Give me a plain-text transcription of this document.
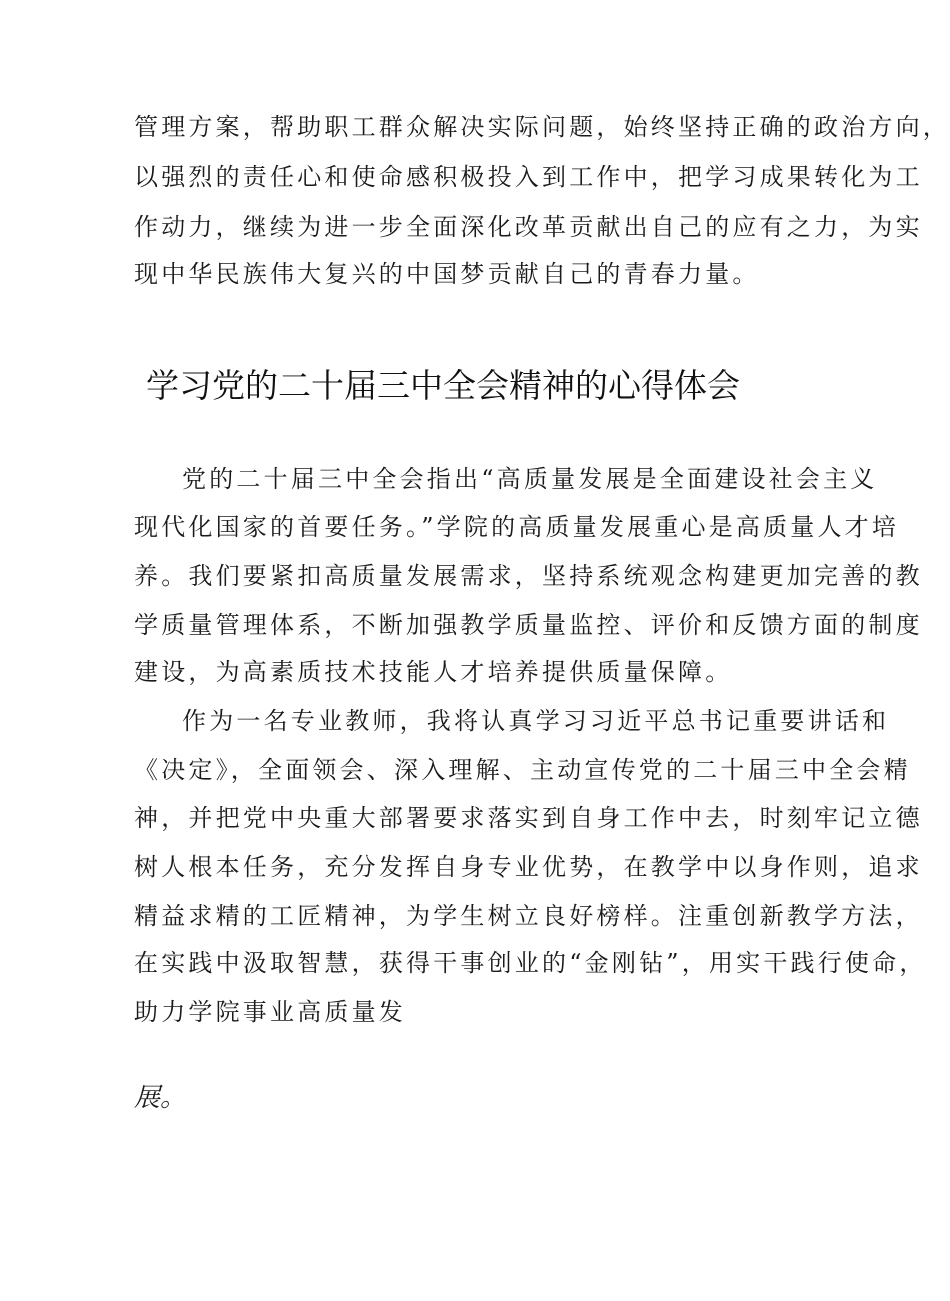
管理方案，帮助职工群众解决实际问题，始终坚持正确的政治方向，
以强烈的责任心和使命感积极投入到工作中，把学习成果转化为工
作动力，继续为进一步全面深化改革贡献出自己的应有之力，为实
现中华民族伟大复兴的中国梦贡献自己的青春力量。
学习党的二十届三中全会精神的心得体会
党的二十届三中全会指出“高质量发展是全面建设社会主义
现代化国家的首要任务。”学院的高质量发展重心是高质量人才培
养。我们要紧扣高质量发展需求，坚持系统观念构建更加完善的教
学质量管理体系，不断加强教学质量监控、评价和反馈方面的制度
建设，为高素质技术技能人才培养提供质量保障。
作为一名专业教师，我将认真学习习近平总书记重要讲话和
《决定》，全面领会、深入理解、主动宣传党的二十届三中全会精
神，并把党中央重大部署要求落实到自身工作中去，时刻牢记立德
树人根本任务，充分发挥自身专业优势，在教学中以身作则，追求
精益求精的工匠精神，为学生树立良好榜样。注重创新教学方法，
在实践中汲取智慧，获得干事创业的“金刚钻”，用实干践行使命，
助力学院事业高质量发
展。
